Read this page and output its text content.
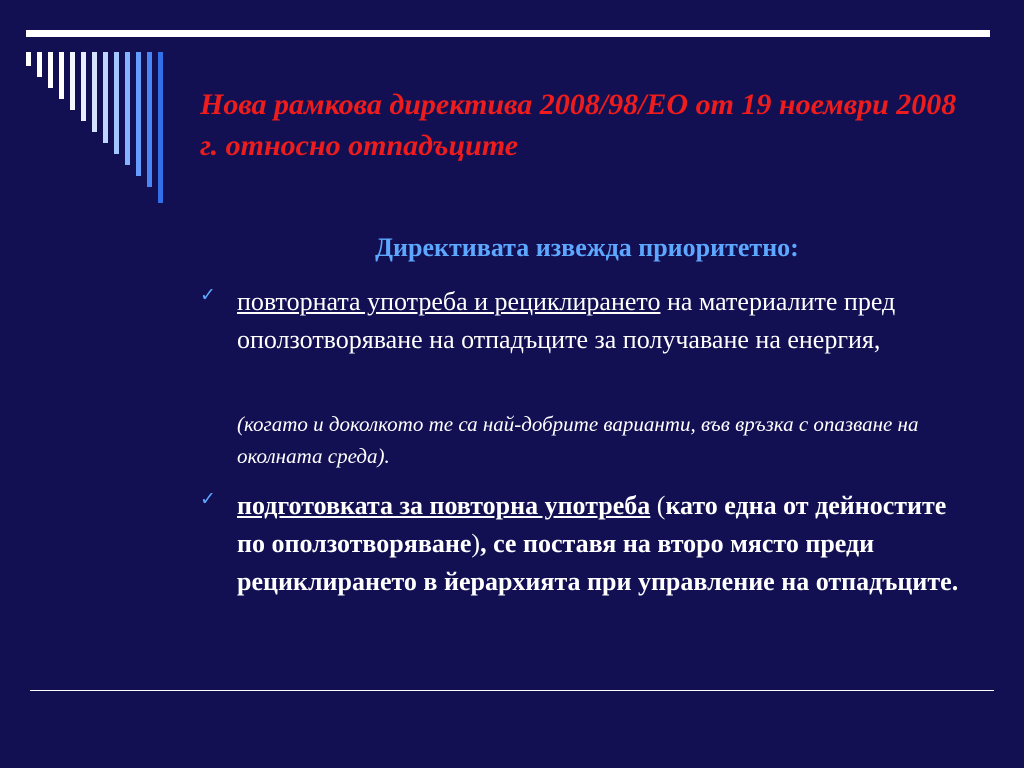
Нова рамкова директива 2008/98/ЕО от 19 ноември 2008 г. относно отпадъците
Директивата извежда приоритетно:
✓ повторната употреба и рециклирането на материалите пред оползотворяване на отпадъците за получаване на енергия,
(когато и доколкото те са най-добрите варианти, във връзка с опазване на околната среда).
✓ подготовката за повторна употреба (като една от дейностите по оползотворяване), се поставя на второ място преди рециклирането в йерархията при управление на отпадъците.
